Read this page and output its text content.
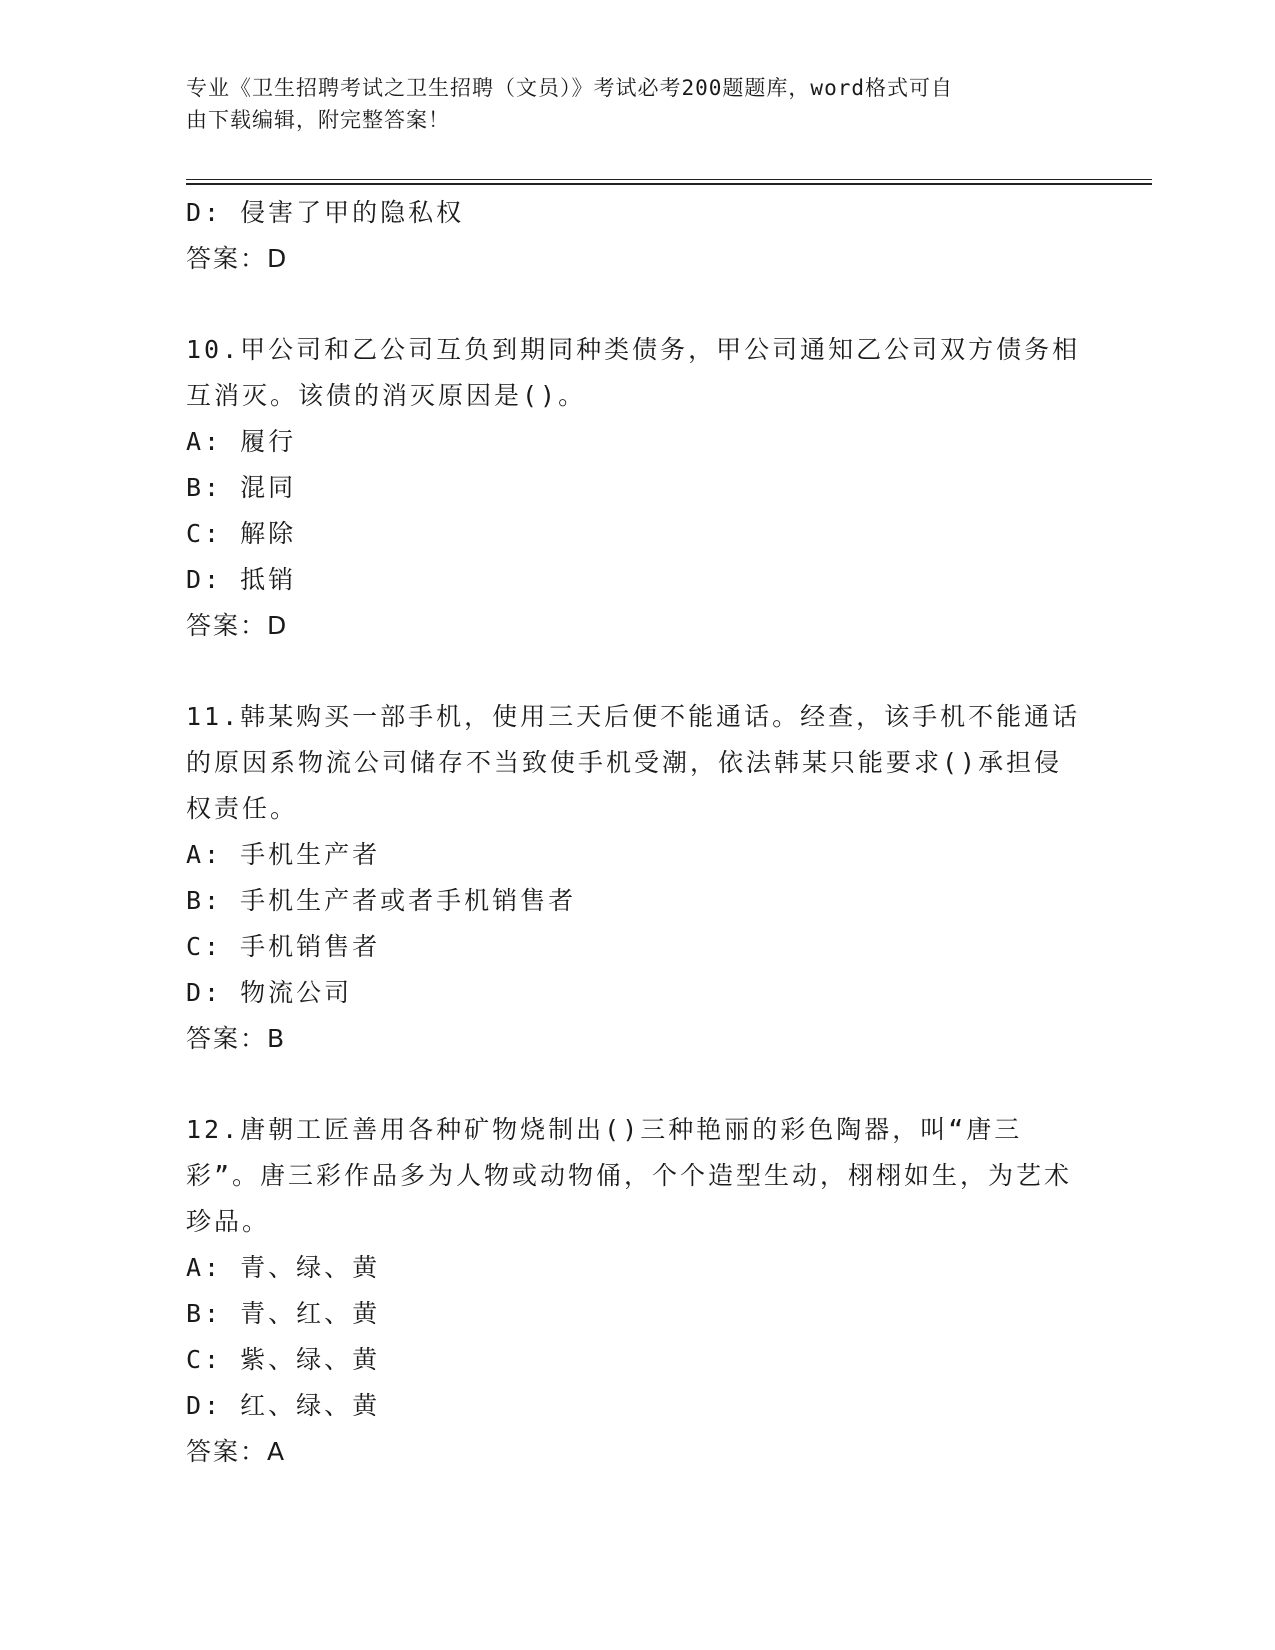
专业《卫生招聘考试之卫生招聘（文员）》考试必考200题题库，word格式可自
由下载编辑，附完整答案！
D: 侵害了甲的隐私权
答案：D
10.甲公司和乙公司互负到期同种类债务，甲公司通知乙公司双方债务相互消灭。该债的消灭原因是()。
A: 履行
B: 混同
C: 解除
D: 抵销
答案：D
11.韩某购买一部手机，使用三天后便不能通话。经查，该手机不能通话的原因系物流公司储存不当致使手机受潮，依法韩某只能要求()承担侵权责任。
A: 手机生产者
B: 手机生产者或者手机销售者
C: 手机销售者
D: 物流公司
答案：B
12.唐朝工匠善用各种矿物烧制出()三种艳丽的彩色陶器，叫“唐三彩”。唐三彩作品多为人物或动物俑，个个造型生动，栩栩如生，为艺术珍品。
A: 青、绿、黄
B: 青、红、黄
C: 紫、绿、黄
D: 红、绿、黄
答案：A
